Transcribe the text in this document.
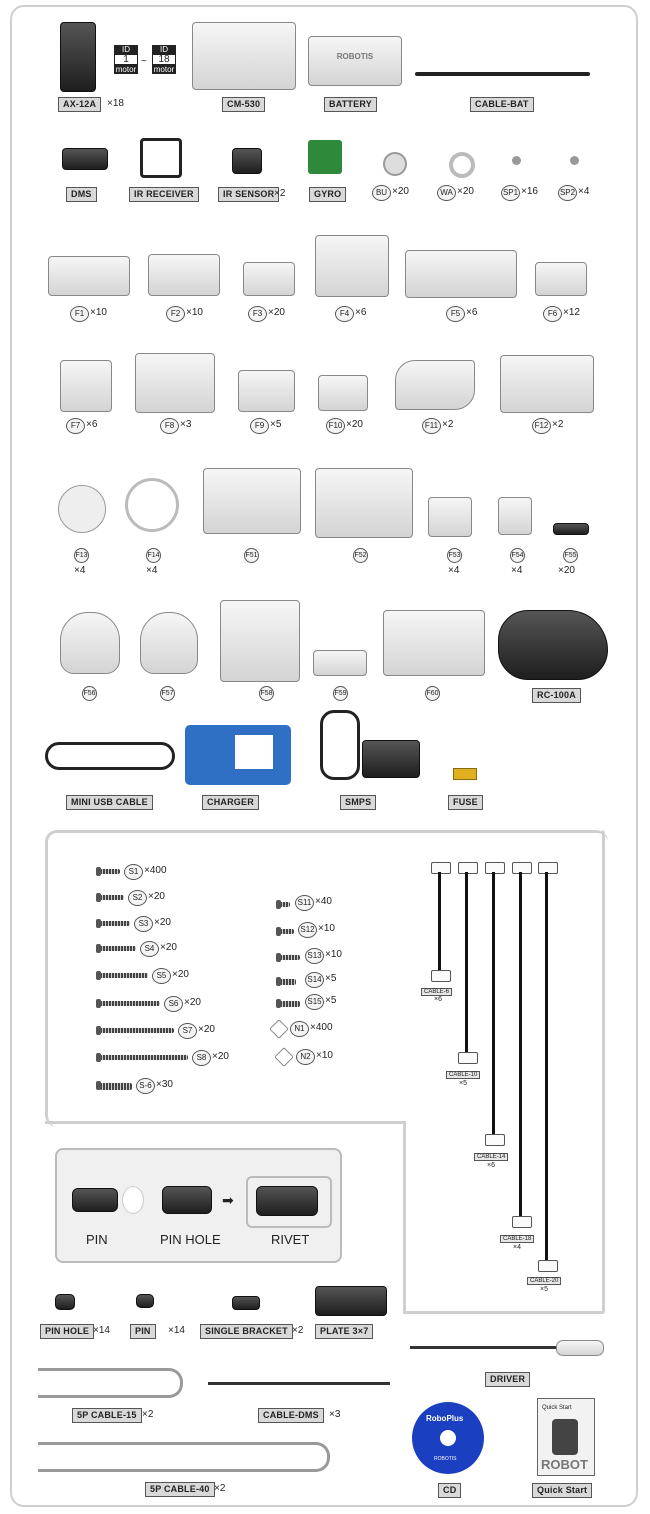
ID
1
motor
~
ID
18
motor
AX-12A	×18	CM-530
ROBOTIS
BATTERY	CABLE-BAT
DMS	IR RECEIVER	IR SENSOR ×2	GYRO	BU ×20	WA ×20	SP1 ×16	SP2 ×4
F1 ×10	F2 ×10	F3 ×20	F4 ×6	F5 ×6	F6 ×12
F7 ×6	F8 ×3	F9 ×5	F10 ×20	F11 ×2	F12 ×2
F13
×4
F14
×4
F51	F52	F53
×4
F54
×4
F55
×20
F56	F57	F58	F59	F60	RC-100A
MINI USB CABLE	CHARGER	SMPS	FUSE
S1 ×400
S2 ×20
S3 ×20
S4 ×20
S5 ×20
S6 ×20
S7 ×20
S8 ×20
S-6 ×30
S11 ×40
S12 ×10
S13 ×10
S14 ×5
S15 ×5
N1 ×400
N2 ×10
CABLE-6
×6
CABLE-10
×5
CABLE-14
×6
CABLE-18
×4
CABLE-20
×5
➡
PIN	PIN HOLE	RIVET
PIN HOLE ×14	PIN	×14	SINGLE BRACKET ×2	PLATE 3×7
DRIVER
5P CABLE-15 ×2	CABLE-DMS	×3
5P CABLE-40 ×2
RoboPlus
ROBOTIS
CD
Quick Start
ROBOT
Quick Start
